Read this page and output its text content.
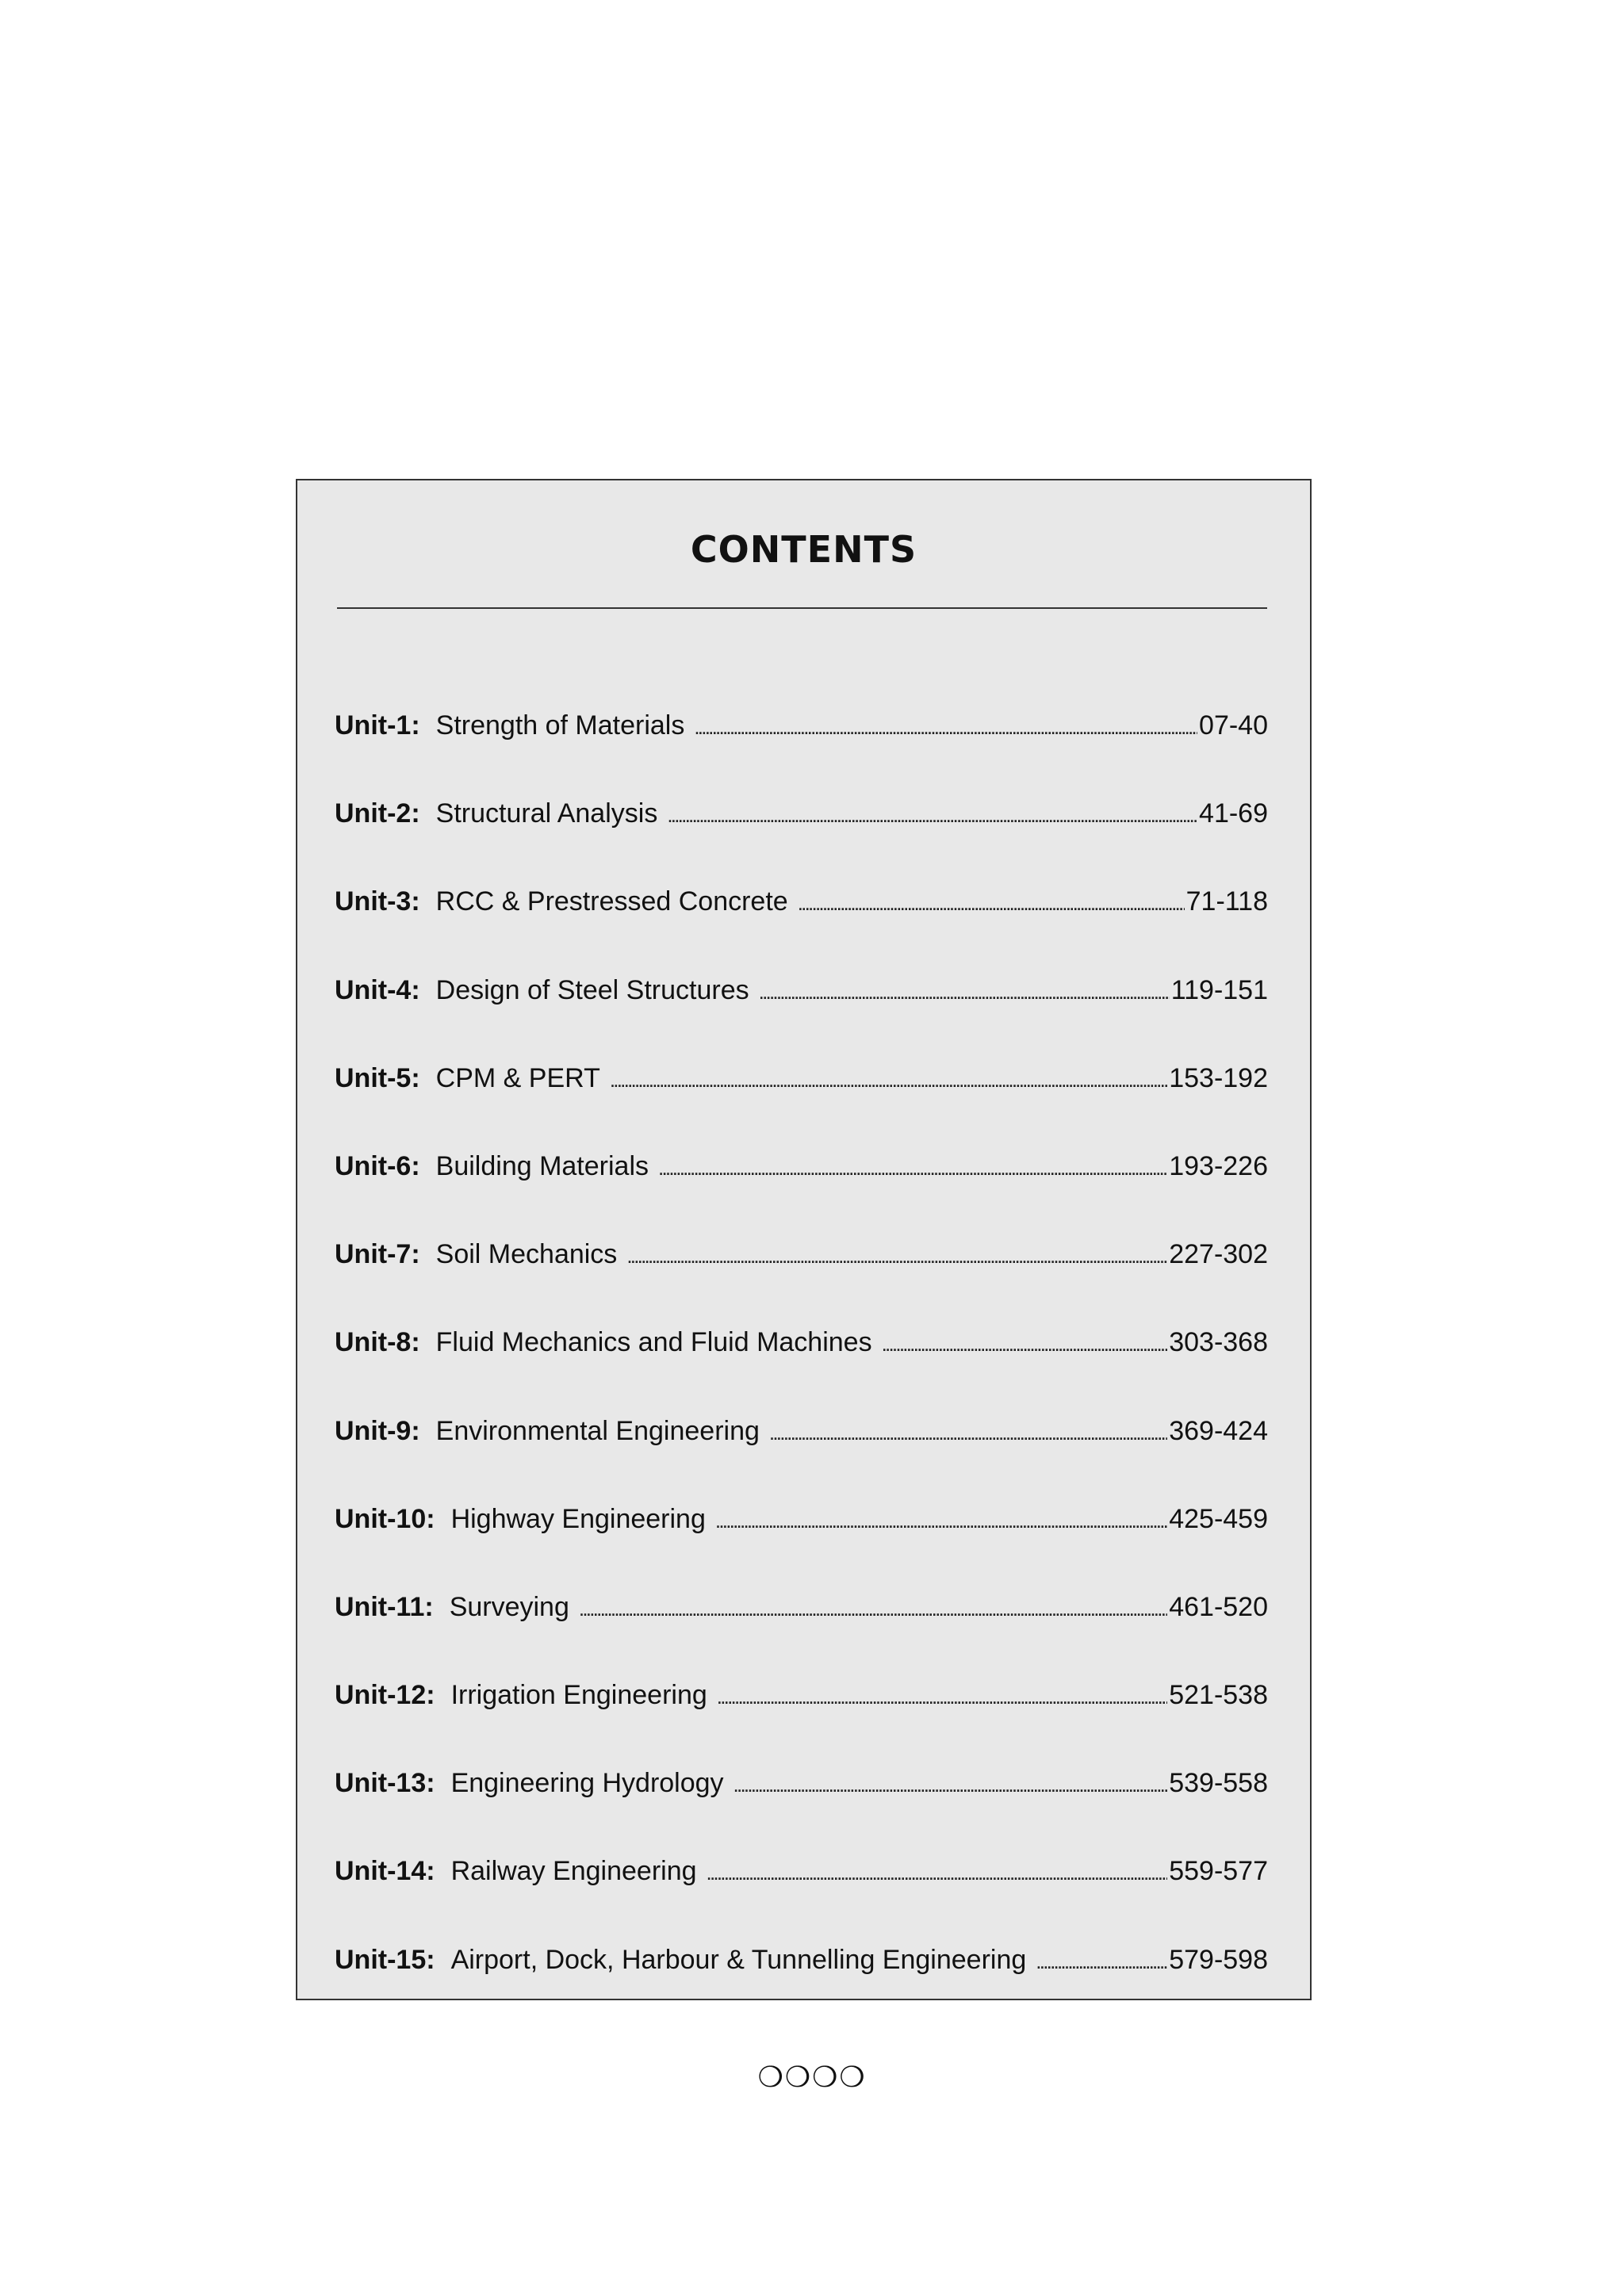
CONTENTS
Unit-1: Strength of Materials . . .	07-40
Unit-2: Structural Analysis . . .	41-69
Unit-3: RCC & Prestressed Concrete . . .	71-118
Unit-4: Design of Steel Structures . . .	119-151
Unit-5: CPM & PERT . . .	153-192
Unit-6: Building Materials . . .	193-226
Unit-7: Soil Mechanics . . .	227-302
Unit-8: Fluid Mechanics and Fluid Machines . . .	303-368
Unit-9: Environmental Engineering . . .	369-424
Unit-10: Highway Engineering . . .	425-459
Unit-11: Surveying . . .	461-520
Unit-12: Irrigation Engineering . . .	521-538
Unit-13: Engineering Hydrology . . .	539-558
Unit-14: Railway Engineering . . .	559-577
Unit-15: Airport, Dock, Harbour & Tunnelling Engineering . . .	579-598
❍❍❍❍
